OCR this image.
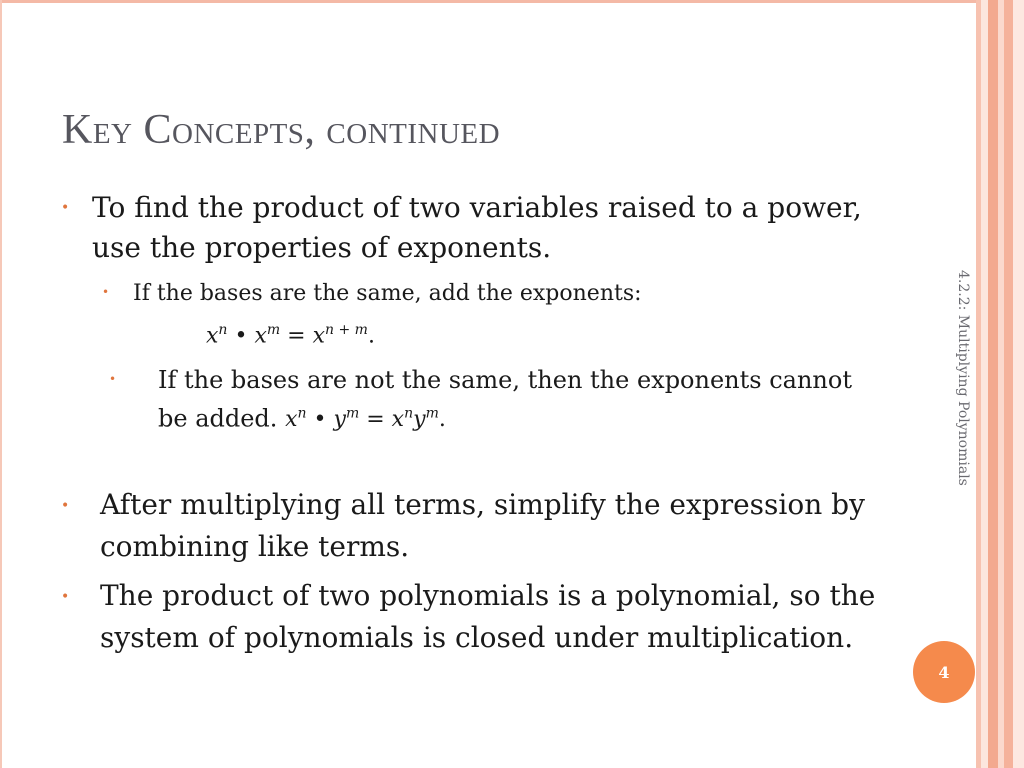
Key Concepts, continued
• To find the product of two variables raised to a power,
use the properties of exponents.
• If the bases are the same, add the exponents:
$x^n$ • $x^m = x^{n + m}$.
• If the bases are not the same, then the exponents cannot
be added. $x^n$ • $y^m = x^ny^m$.
• After multiplying all terms, simplify the expression by
combining like terms.
• The product of two polynomials is a polynomial, so the
system of polynomials is closed under multiplication.
4.2.2: Multiplying Polynomials
4
